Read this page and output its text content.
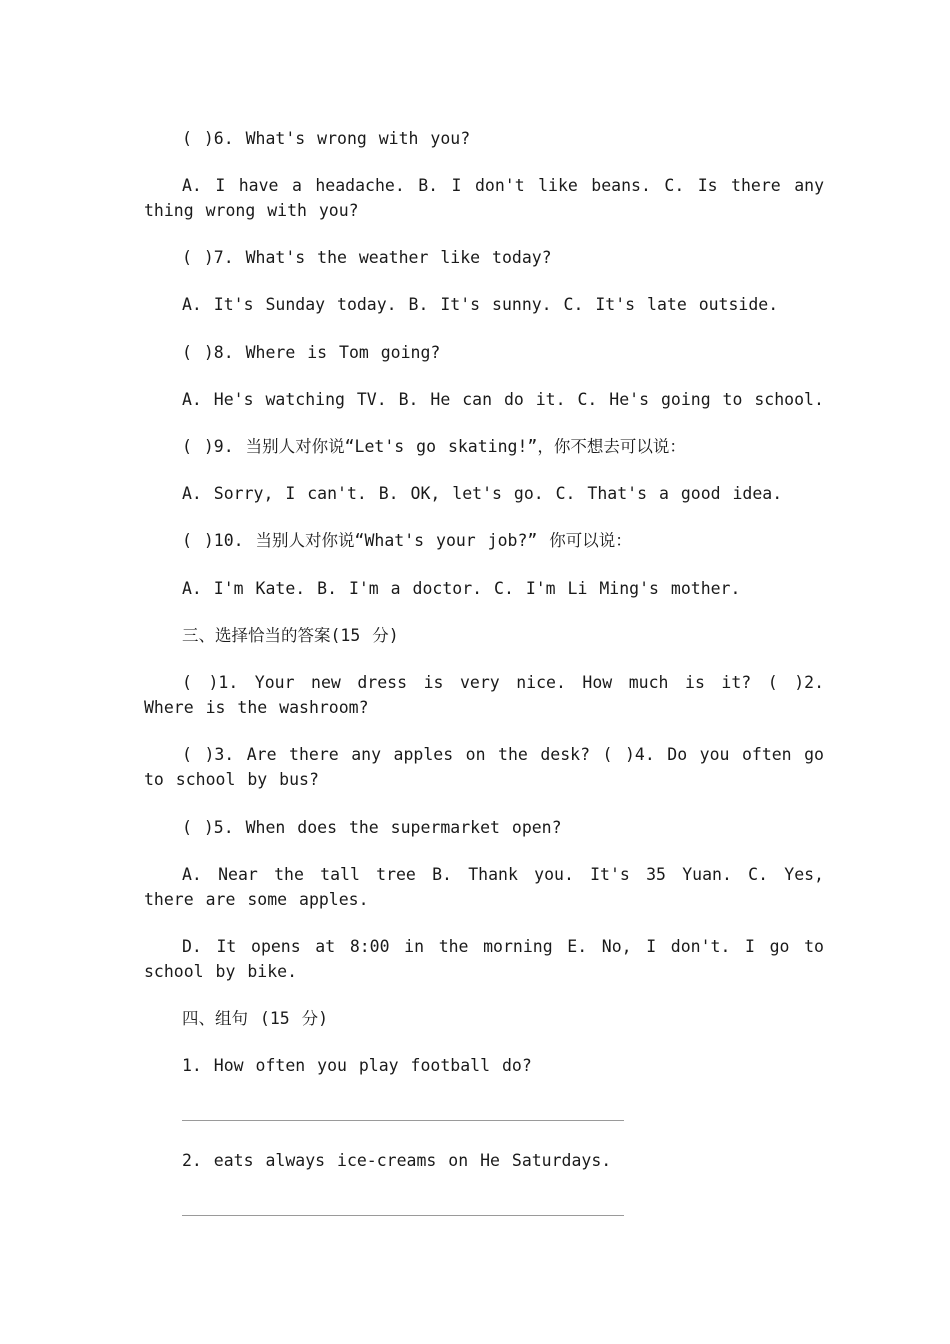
( )6. What's wrong with you?
A. I have a headache. B. I don't like beans. C. Is there any thing wrong with you?
( )7. What's the weather like today?
A. It's Sunday today. B. It's sunny. C. It's late outside.
( )8. Where is Tom going?
A. He's watching TV. B. He can do it. C. He's going to school.
( )9. 当别人对你说“Let's go skating!”，你不想去可以说：
A. Sorry, I can't. B. OK, let's go. C. That's a good idea.
( )10. 当别人对你说“What's your job?” 你可以说：
A. I'm Kate. B. I'm a doctor. C. I'm Li Ming's mother.
三、选择恰当的答案(15 分)
( )1. Your new dress is very nice. How much is it? ( )2. Where is the washroom?
( )3. Are there any apples on the desk? ( )4. Do you often go to school by bus?
( )5. When does the supermarket open?
A. Near the tall tree B. Thank you. It's 35 Yuan. C. Yes, there are some apples.
D. It opens at 8:00 in the morning E. No, I don't. I go to school by bike.
四、组句 (15 分)
1. How often you play football do?
2. eats always ice-creams on He Saturdays.
